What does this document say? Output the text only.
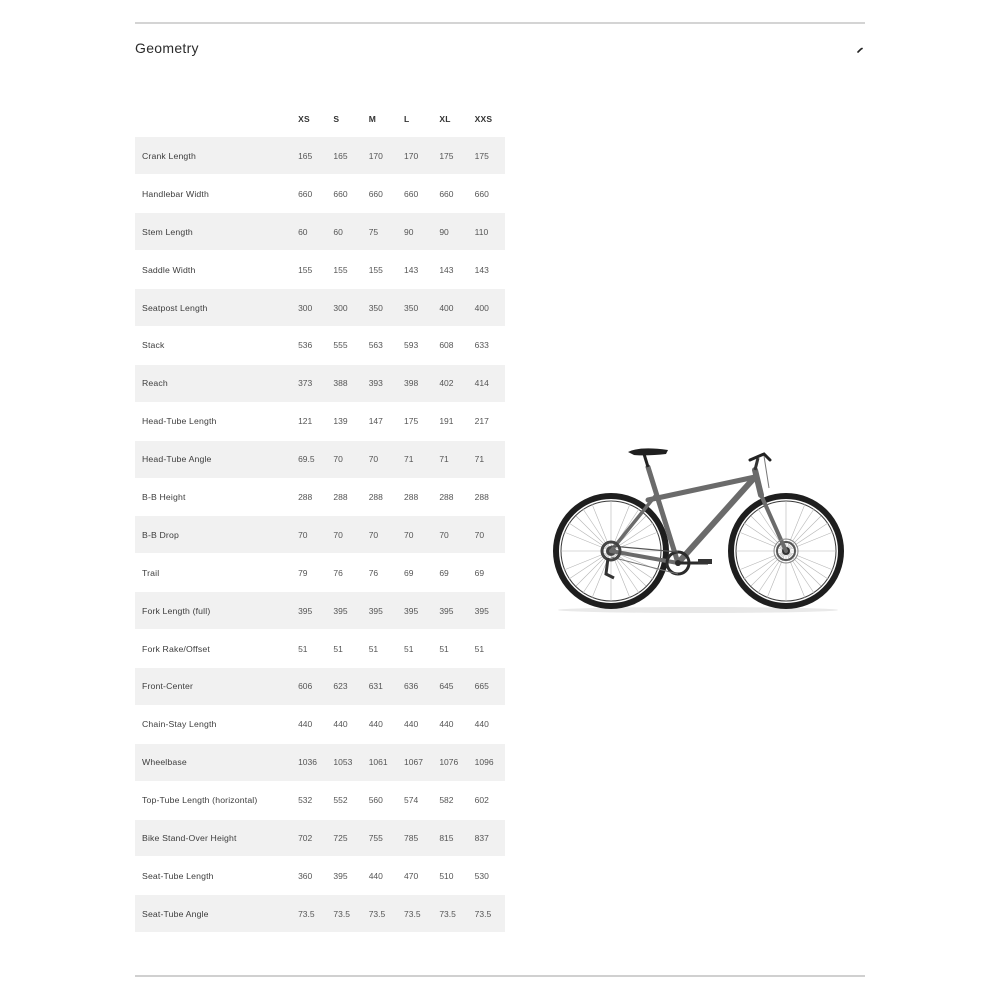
Geometry
	XS	S	M	L	XL	XXS
Crank Length	165	165	170	170	175	175
Handlebar Width	660	660	660	660	660	660
Stem Length	60	60	75	90	90	110
Saddle Width	155	155	155	143	143	143
Seatpost Length	300	300	350	350	400	400
Stack	536	555	563	593	608	633
Reach	373	388	393	398	402	414
Head-Tube Length	121	139	147	175	191	217
Head-Tube Angle	69.5	70	70	71	71	71
B-B Height	288	288	288	288	288	288
B-B Drop	70	70	70	70	70	70
Trail	79	76	76	69	69	69
Fork Length (full)	395	395	395	395	395	395
Fork Rake/Offset	51	51	51	51	51	51
Front-Center	606	623	631	636	645	665
Chain-Stay Length	440	440	440	440	440	440
Wheelbase	1036	1053	1061	1067	1076	1096
Top-Tube Length (horizontal)	532	552	560	574	582	602
Bike Stand-Over Height	702	725	755	785	815	837
Seat-Tube Length	360	395	440	470	510	530
Seat-Tube Angle	73.5	73.5	73.5	73.5	73.5	73.5
